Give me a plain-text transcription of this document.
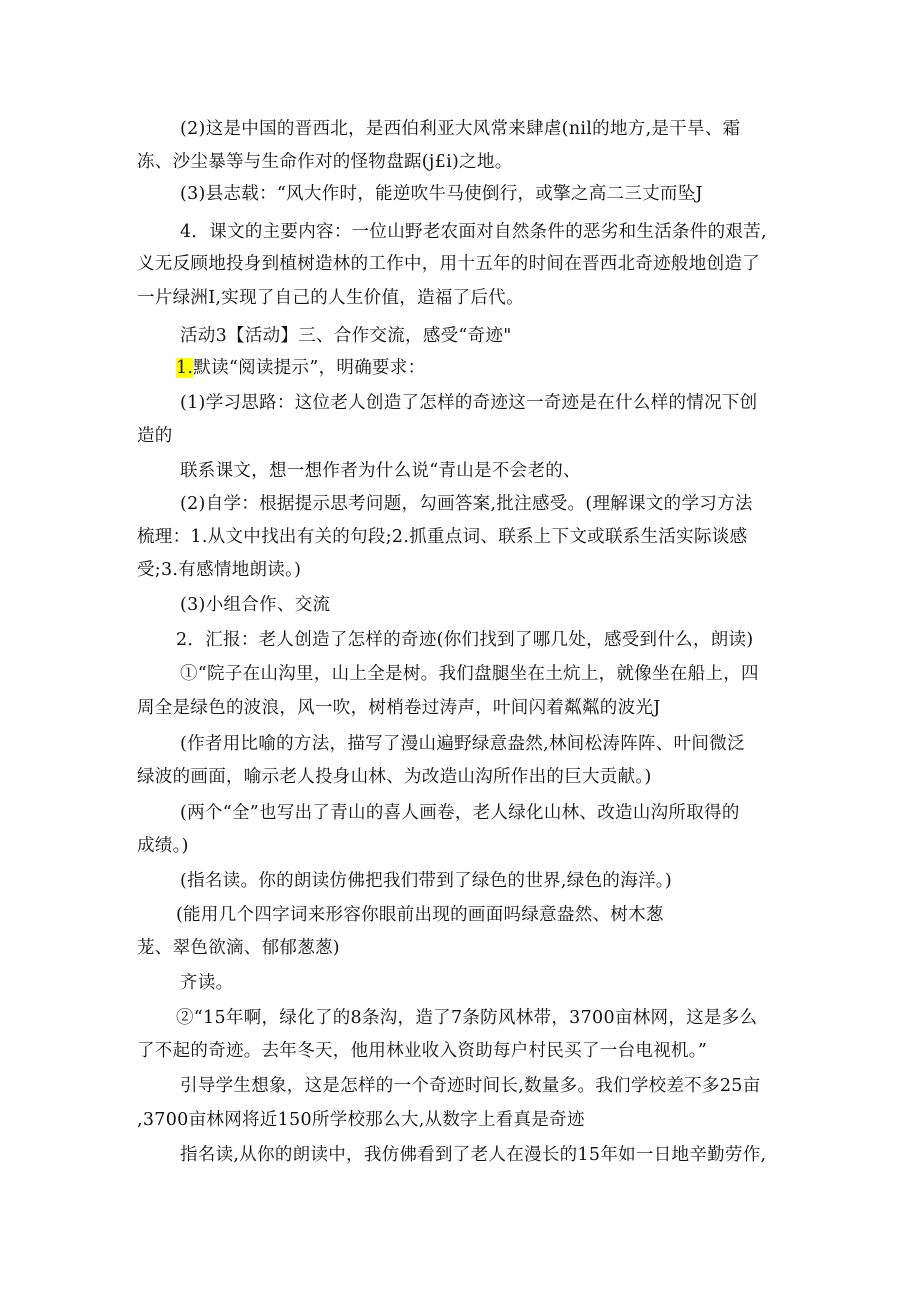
(2)这是中国的晋西北，是西伯利亚大风常来肆虐(nil的地方,是干旱、霜
冻、沙尘暴等与生命作对的怪物盘踞(j£i)之地。
(3)县志载：“风大作时，能逆吹牛马使倒行，或擎之高二三丈而坠J
4．课文的主要内容：一位山野老农面对自然条件的恶劣和生活条件的艰苦,
义无反顾地投身到植树造林的工作中，用十五年的时间在晋西北奇迹般地创造了
一片绿洲I,实现了自己的人生价值，造福了后代。
活动3【活动】三、合作交流，感受“奇迹"
1.默读“阅读提示”，明确要求：
(1)学习思路：这位老人创造了怎样的奇迹这一奇迹是在什么样的情况下创
造的
联系课文，想一想作者为什么说“青山是不会老的、
(2)自学：根据提示思考问题，勾画答案,批注感受。(理解课文的学习方法
梳理：1.从文中找出有关的句段;2.抓重点词、联系上下文或联系生活实际谈感
受;3.有感情地朗读。)
(3)小组合作、交流
2．汇报：老人创造了怎样的奇迹(你们找到了哪几处，感受到什么，朗读)
①“院子在山沟里，山上全是树。我们盘腿坐在土炕上，就像坐在船上，四
周全是绿色的波浪，风一吹，树梢卷过涛声，叶间闪着粼粼的波光J
(作者用比喻的方法，描写了漫山遍野绿意盎然,林间松涛阵阵、叶间微泛
绿波的画面，喻示老人投身山林、为改造山沟所作出的巨大贡献。)
(两个“全”也写出了青山的喜人画卷，老人绿化山林、改造山沟所取得的
成绩。)
(指名读。你的朗读仿佛把我们带到了绿色的世界,绿色的海洋。)
(能用几个四字词来形容你眼前出现的画面吗绿意盎然、树木葱
茏、翠色欲滴、郁郁葱葱)
齐读。
②“15年啊，绿化了的8条沟，造了7条防风林带，3700亩林网，这是多么
了不起的奇迹。去年冬天，他用林业收入资助每户村民买了一台电视机。”
引导学生想象，这是怎样的一个奇迹时间长,数量多。我们学校差不多25亩
,3700亩林网将近150所学校那么大,从数字上看真是奇迹
指名读,从你的朗读中，我仿佛看到了老人在漫长的15年如一日地辛勤劳作,
